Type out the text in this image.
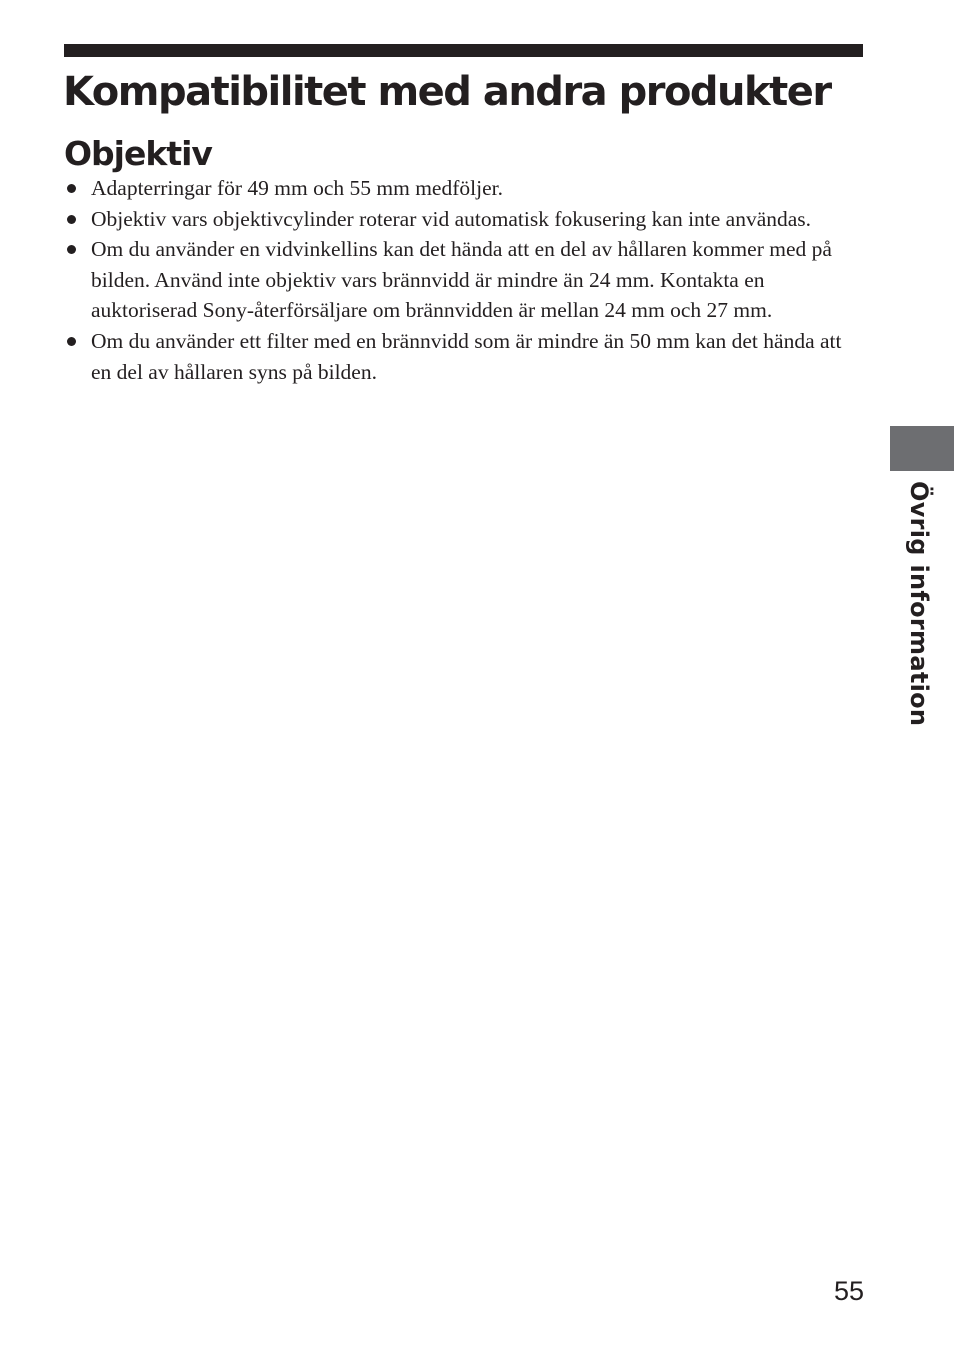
Kompatibilitet med andra produkter
Objektiv
Adapterringar för 49 mm och 55 mm medföljer.
Objektiv vars objektivcylinder roterar vid automatisk fokusering kan inte användas.
Om du använder en vidvinkellins kan det hända att en del av hållaren kommer med på bilden. Använd inte objektiv vars brännvidd är mindre än 24 mm. Kontakta en auktoriserad Sony-återförsäljare om brännvidden är mellan 24 mm och 27 mm.
Om du använder ett filter med en brännvidd som är mindre än 50 mm kan det hända att en del av hållaren syns på bilden.
Övrig information
55
